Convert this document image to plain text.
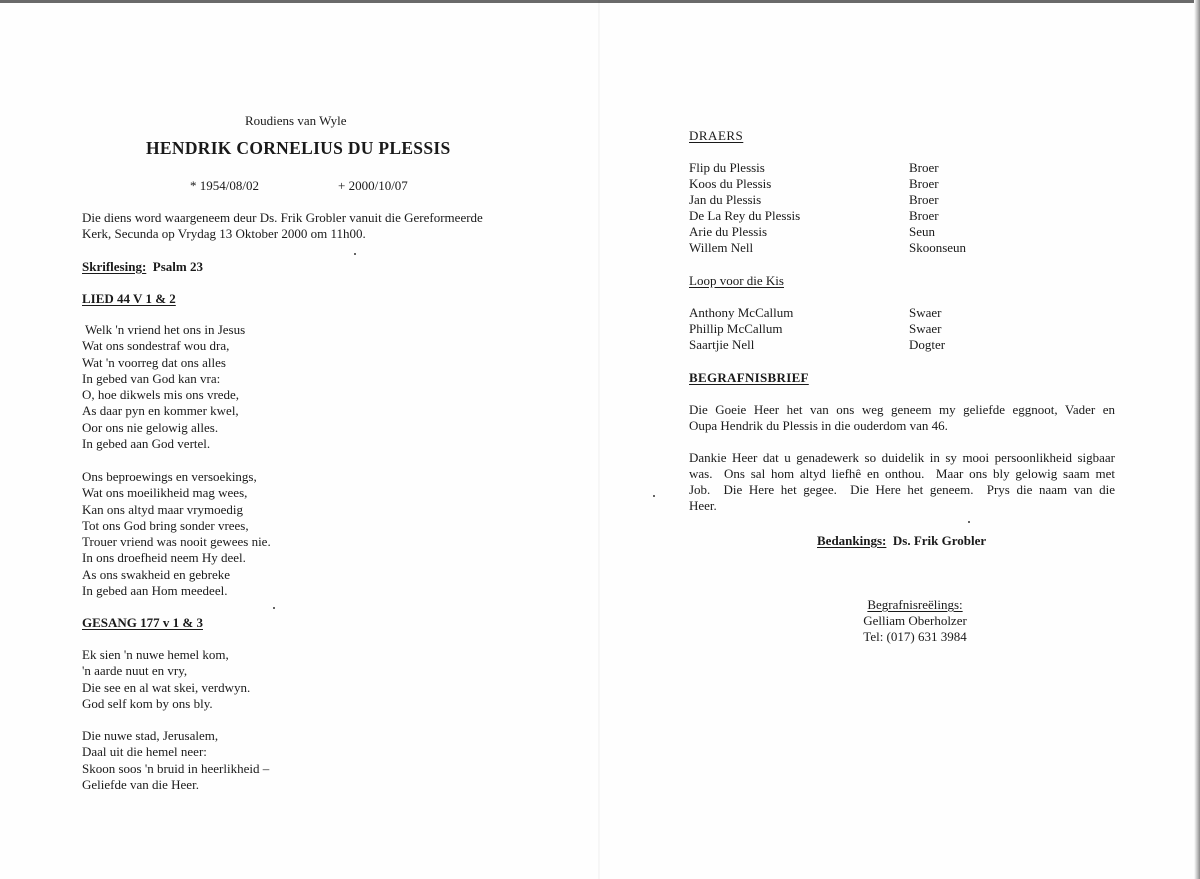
Roudiens van Wyle
HENDRIK CORNELIUS DU PLESSIS
* 1954/08/02	+ 2000/10/07
Die diens word waargeneem deur Ds. Frik Grobler vanuit die Gereformeerde
Kerk, Secunda op Vrydag 13 Oktober 2000 om 11h00.
Skriflesing: Psalm 23
LIED 44 V 1 & 2
Welk 'n vriend het ons in Jesus
Wat ons sondestraf wou dra,
Wat 'n voorreg dat ons alles
In gebed van God kan vra:
O, hoe dikwels mis ons vrede,
As daar pyn en kommer kwel,
Oor ons nie gelowig alles.
In gebed aan God vertel.
Ons beproewings en versoekings,
Wat ons moeilikheid mag wees,
Kan ons altyd maar vrymoedig
Tot ons God bring sonder vrees,
Trouer vriend was nooit gewees nie.
In ons droefheid neem Hy deel.
As ons swakheid en gebreke
In gebed aan Hom meedeel.
GESANG 177 v 1 & 3
Ek sien 'n nuwe hemel kom,
'n aarde nuut en vry,
Die see en al wat skei, verdwyn.
God self kom by ons bly.
Die nuwe stad, Jerusalem,
Daal uit die hemel neer:
Skoon soos 'n bruid in heerlikheid –
Geliefde van die Heer.
DRAERS
Flip du Plessis
Koos du Plessis
Jan du Plessis
De La Rey du Plessis
Arie du Plessis
Willem Nell
Broer
Broer
Broer
Broer
Seun
Skoonseun
Loop voor die Kis
Anthony McCallum
Phillip McCallum
Saartjie Nell
Swaer
Swaer
Dogter
BEGRAFNISBRIEF
Die Goeie Heer het van ons weg geneem my geliefde eggnoot, Vader en
Oupa Hendrik du Plessis in die ouderdom van 46.
Dankie Heer dat u genadewerk so duidelik in sy mooi persoonlikheid sigbaar
was.  Ons sal hom altyd liefhê en onthou.  Maar ons bly gelowig saam met
Job.  Die Here het gegee.  Die Here het geneem.  Prys die naam van die
Heer.
Bedankings: Ds. Frik Grobler
Begrafnisreëlings:
Gelliam Oberholzer
Tel: (017) 631 3984
